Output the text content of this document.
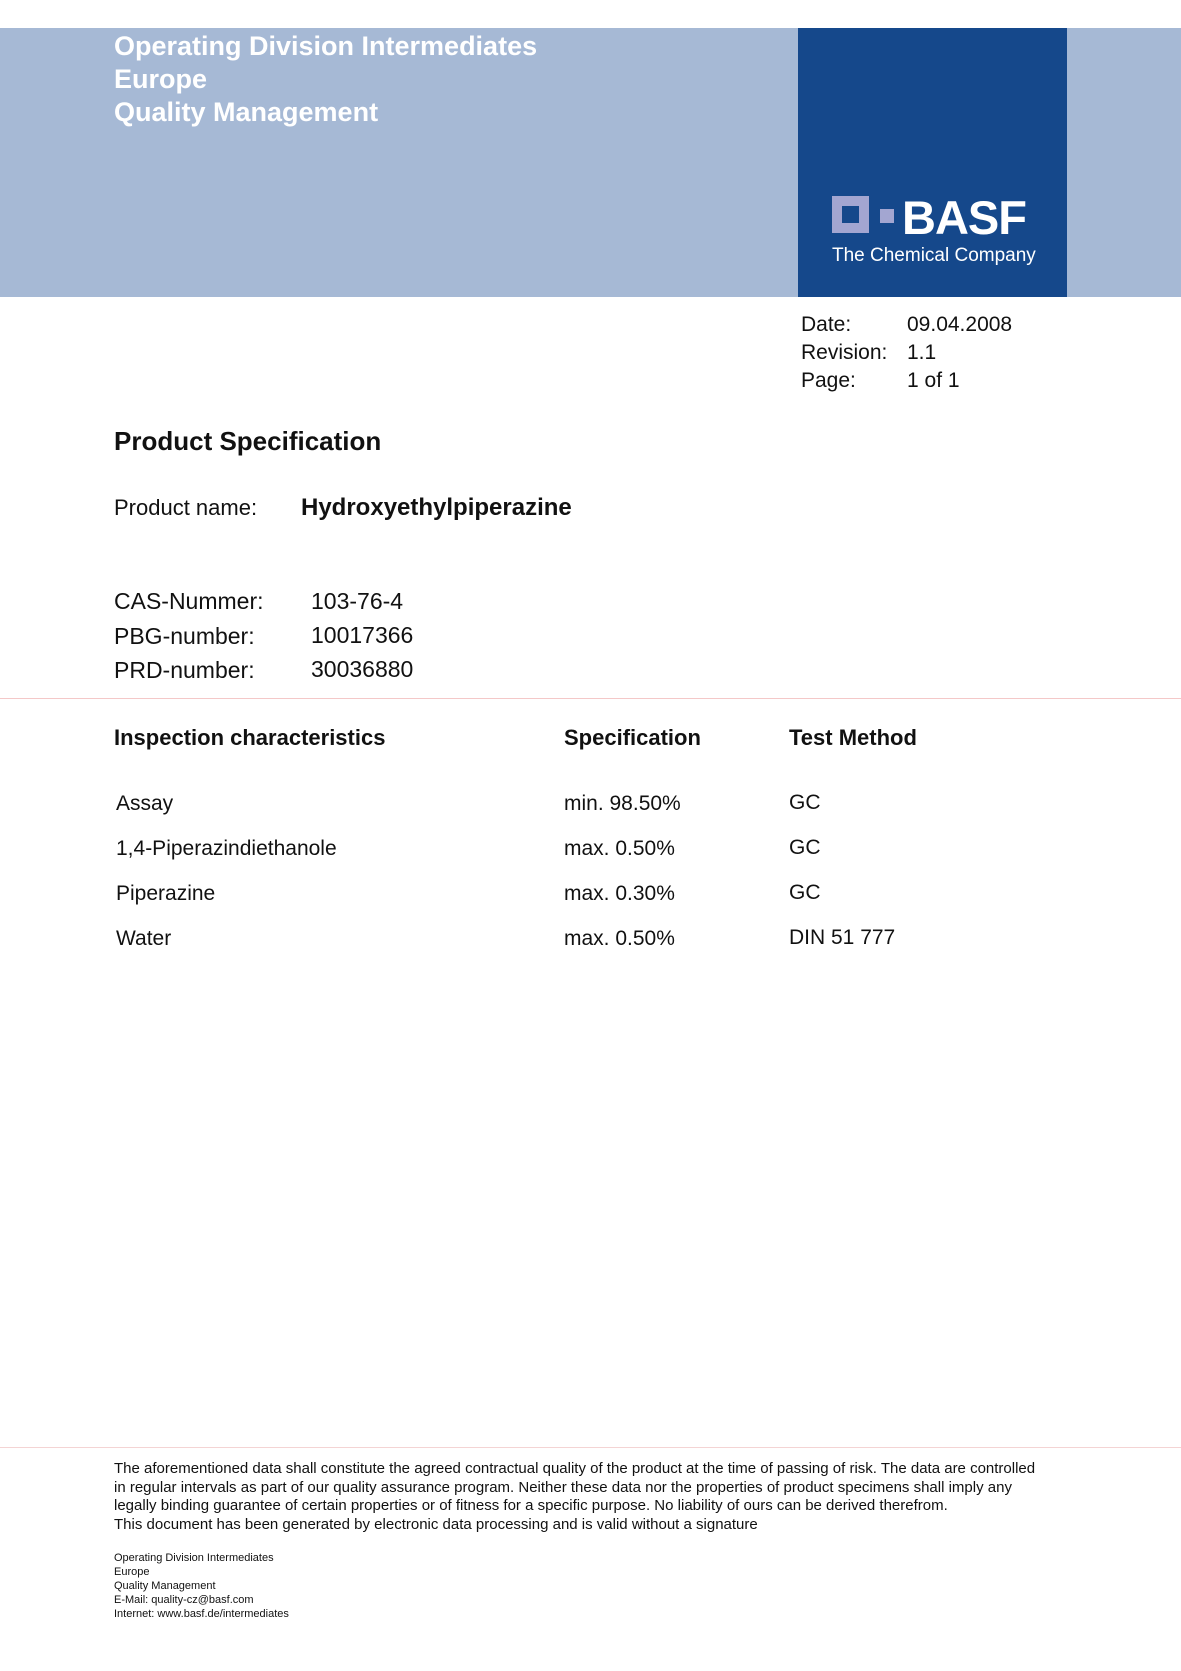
Operating Division Intermediates
Europe
Quality Management
BASF
The Chemical Company
Date:	09.04.2008
Revision: 1.1
Page: 1 of 1
Product Specification
Product name: Hydroxyethylpiperazine
CAS-Nummer: 103-76-4
PBG-number: 10017366
PRD-number: 30036880
Inspection characteristics	Specification	Test Method
Assay	min. 98.50%	GC
1,4-Piperazindiethanole	max. 0.50%	GC
Piperazine	max. 0.30%	GC
Water	max. 0.50%	DIN 51 777
The aforementioned data shall constitute the agreed contractual quality of the product at the time of passing of risk. The data are controlled
in regular intervals as part of our quality assurance program. Neither these data nor the properties of product specimens shall imply any
legally binding guarantee of certain properties or of fitness for a specific purpose. No liability of ours can be derived therefrom.
This document has been generated by electronic data processing and is valid without a signature
Operating Division Intermediates
Europe
Quality Management
E-Mail: quality-cz@basf.com
Internet: www.basf.de/intermediates
